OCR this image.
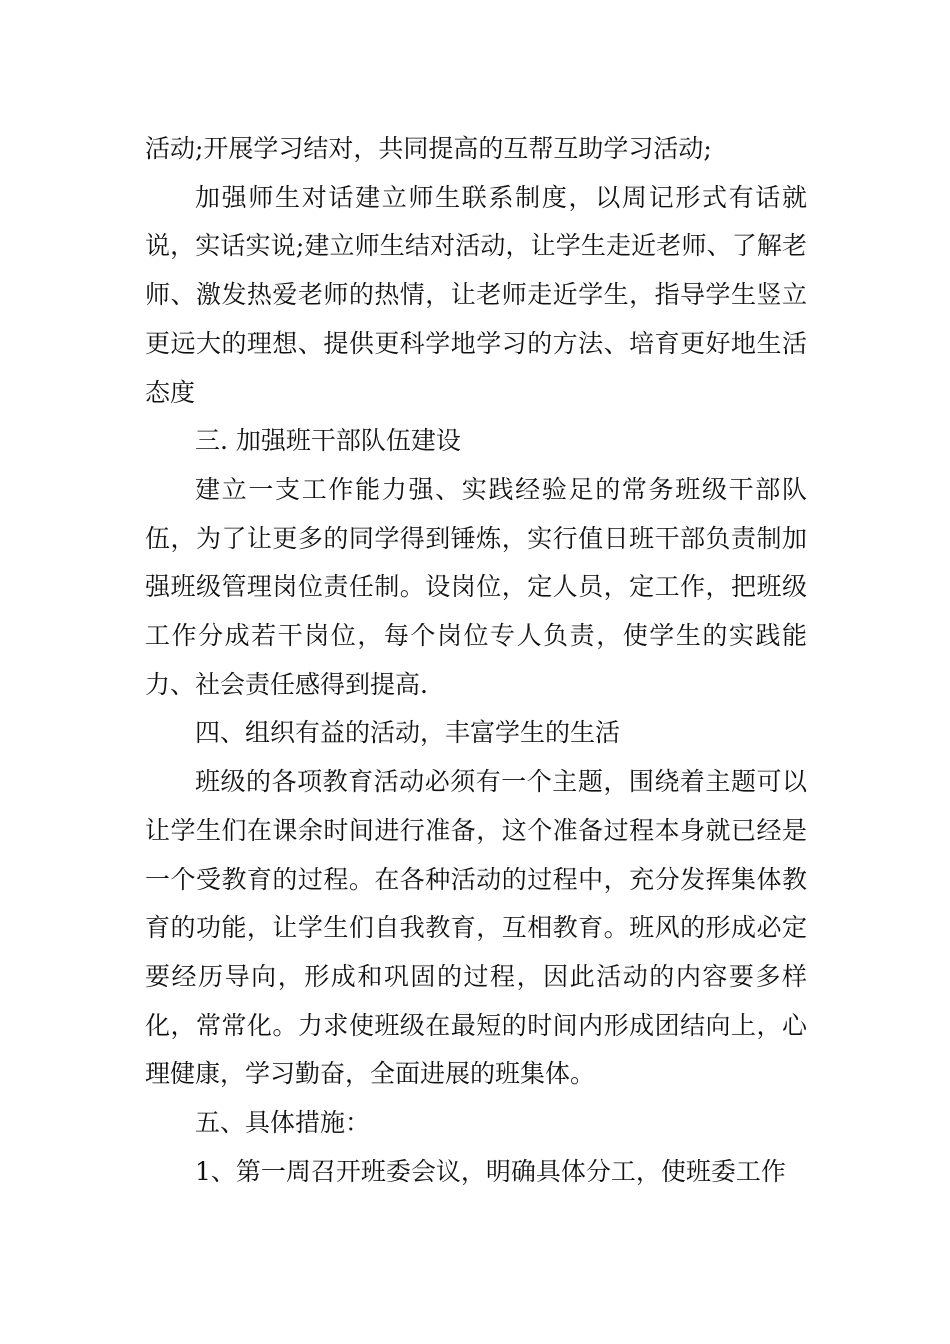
活动;开展学习结对，共同提高的互帮互助学习活动;

加强师生对话建立师生联系制度，以周记形式有话就说，实话实说;建立师生结对活动，让学生走近老师、了解老师、激发热爱老师的热情，让老师走近学生，指导学生竖立更远大的理想、提供更科学地学习的方法、培育更好地生活态度

三. 加强班干部队伍建设

建立一支工作能力强、实践经验足的常务班级干部队伍，为了让更多的同学得到锤炼，实行值日班干部负责制加强班级管理岗位责任制。设岗位，定人员，定工作，把班级工作分成若干岗位，每个岗位专人负责，使学生的实践能力、社会责任感得到提高.

四、组织有益的活动，丰富学生的生活

班级的各项教育活动必须有一个主题，围绕着主题可以让学生们在课余时间进行准备，这个准备过程本身就已经是一个受教育的过程。在各种活动的过程中，充分发挥集体教育的功能，让学生们自我教育，互相教育。班风的形成必定要经历导向，形成和巩固的过程，因此活动的内容要多样化，常常化。力求使班级在最短的时间内形成团结向上，心理健康，学习勤奋，全面进展的班集体。

五、具体措施：

1、第一周召开班委会议，明确具体分工，使班委工作
